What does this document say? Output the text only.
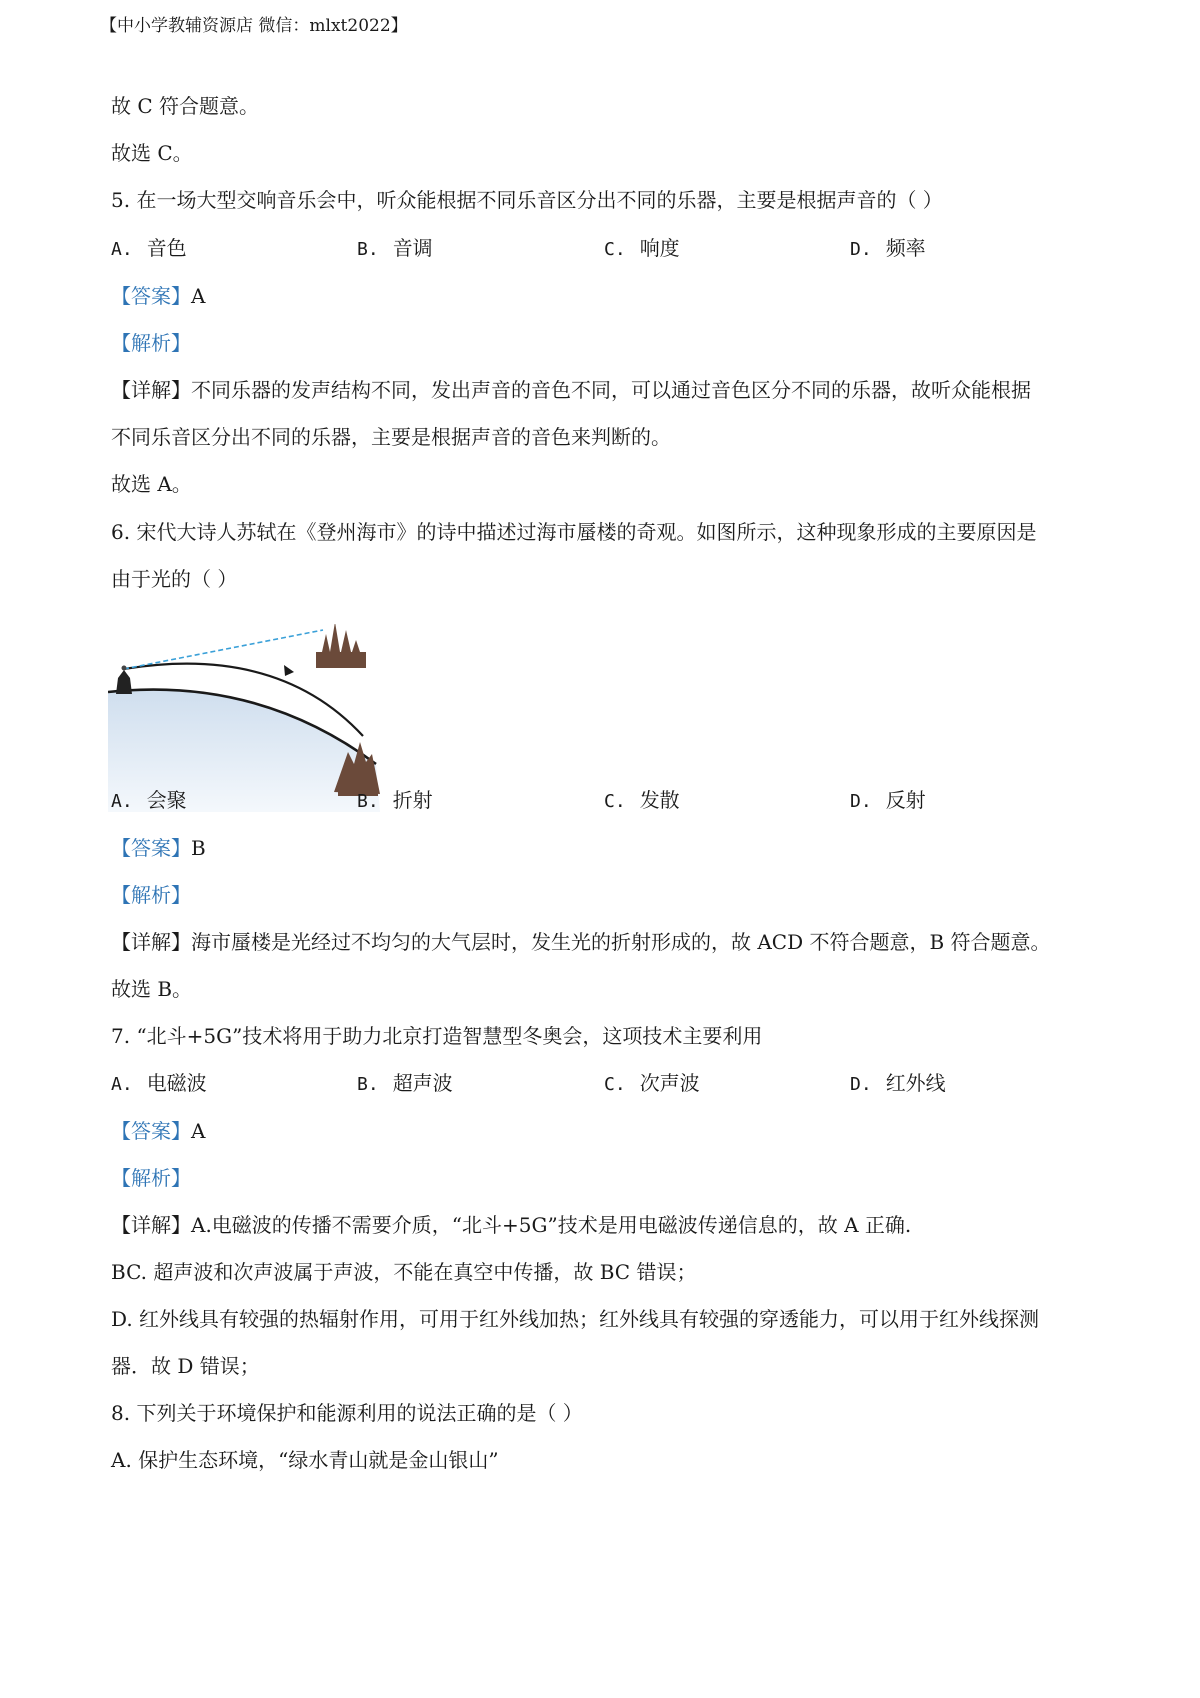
【中小学教辅资源店 微信：mlxt2022】
故 C 符合题意。
故选 C。
5. 在一场大型交响音乐会中，听众能根据不同乐音区分出不同的乐器，主要是根据声音的（ ）
A. 音色	B. 音调	C. 响度	D. 频率
【答案】A
【解析】
【详解】不同乐器的发声结构不同，发出声音的音色不同，可以通过音色区分不同的乐器，故听众能根据
不同乐音区分出不同的乐器，主要是根据声音的音色来判断的。
故选 A。
6. 宋代大诗人苏轼在《登州海市》的诗中描述过海市蜃楼的奇观。如图所示，这种现象形成的主要原因是
由于光的（ ）
A. 会聚	B. 折射	C. 发散	D. 反射
【答案】B
【解析】
【详解】海市蜃楼是光经过不均匀的大气层时，发生光的折射形成的，故 ACD 不符合题意，B 符合题意。
故选 B。
7. “北斗+5G”技术将用于助力北京打造智慧型冬奥会，这项技术主要利用
A. 电磁波	B. 超声波	C. 次声波	D. 红外线
【答案】A
【解析】
【详解】A.电磁波的传播不需要介质，“北斗+5G”技术是用电磁波传递信息的，故 A 正确.
BC. 超声波和次声波属于声波，不能在真空中传播，故 BC 错误；
D. 红外线具有较强的热辐射作用，可用于红外线加热；红外线具有较强的穿透能力，可以用于红外线探测
器．故 D 错误；
8. 下列关于环境保护和能源利用的说法正确的是（ ）
A. 保护生态环境，“绿水青山就是金山银山”
